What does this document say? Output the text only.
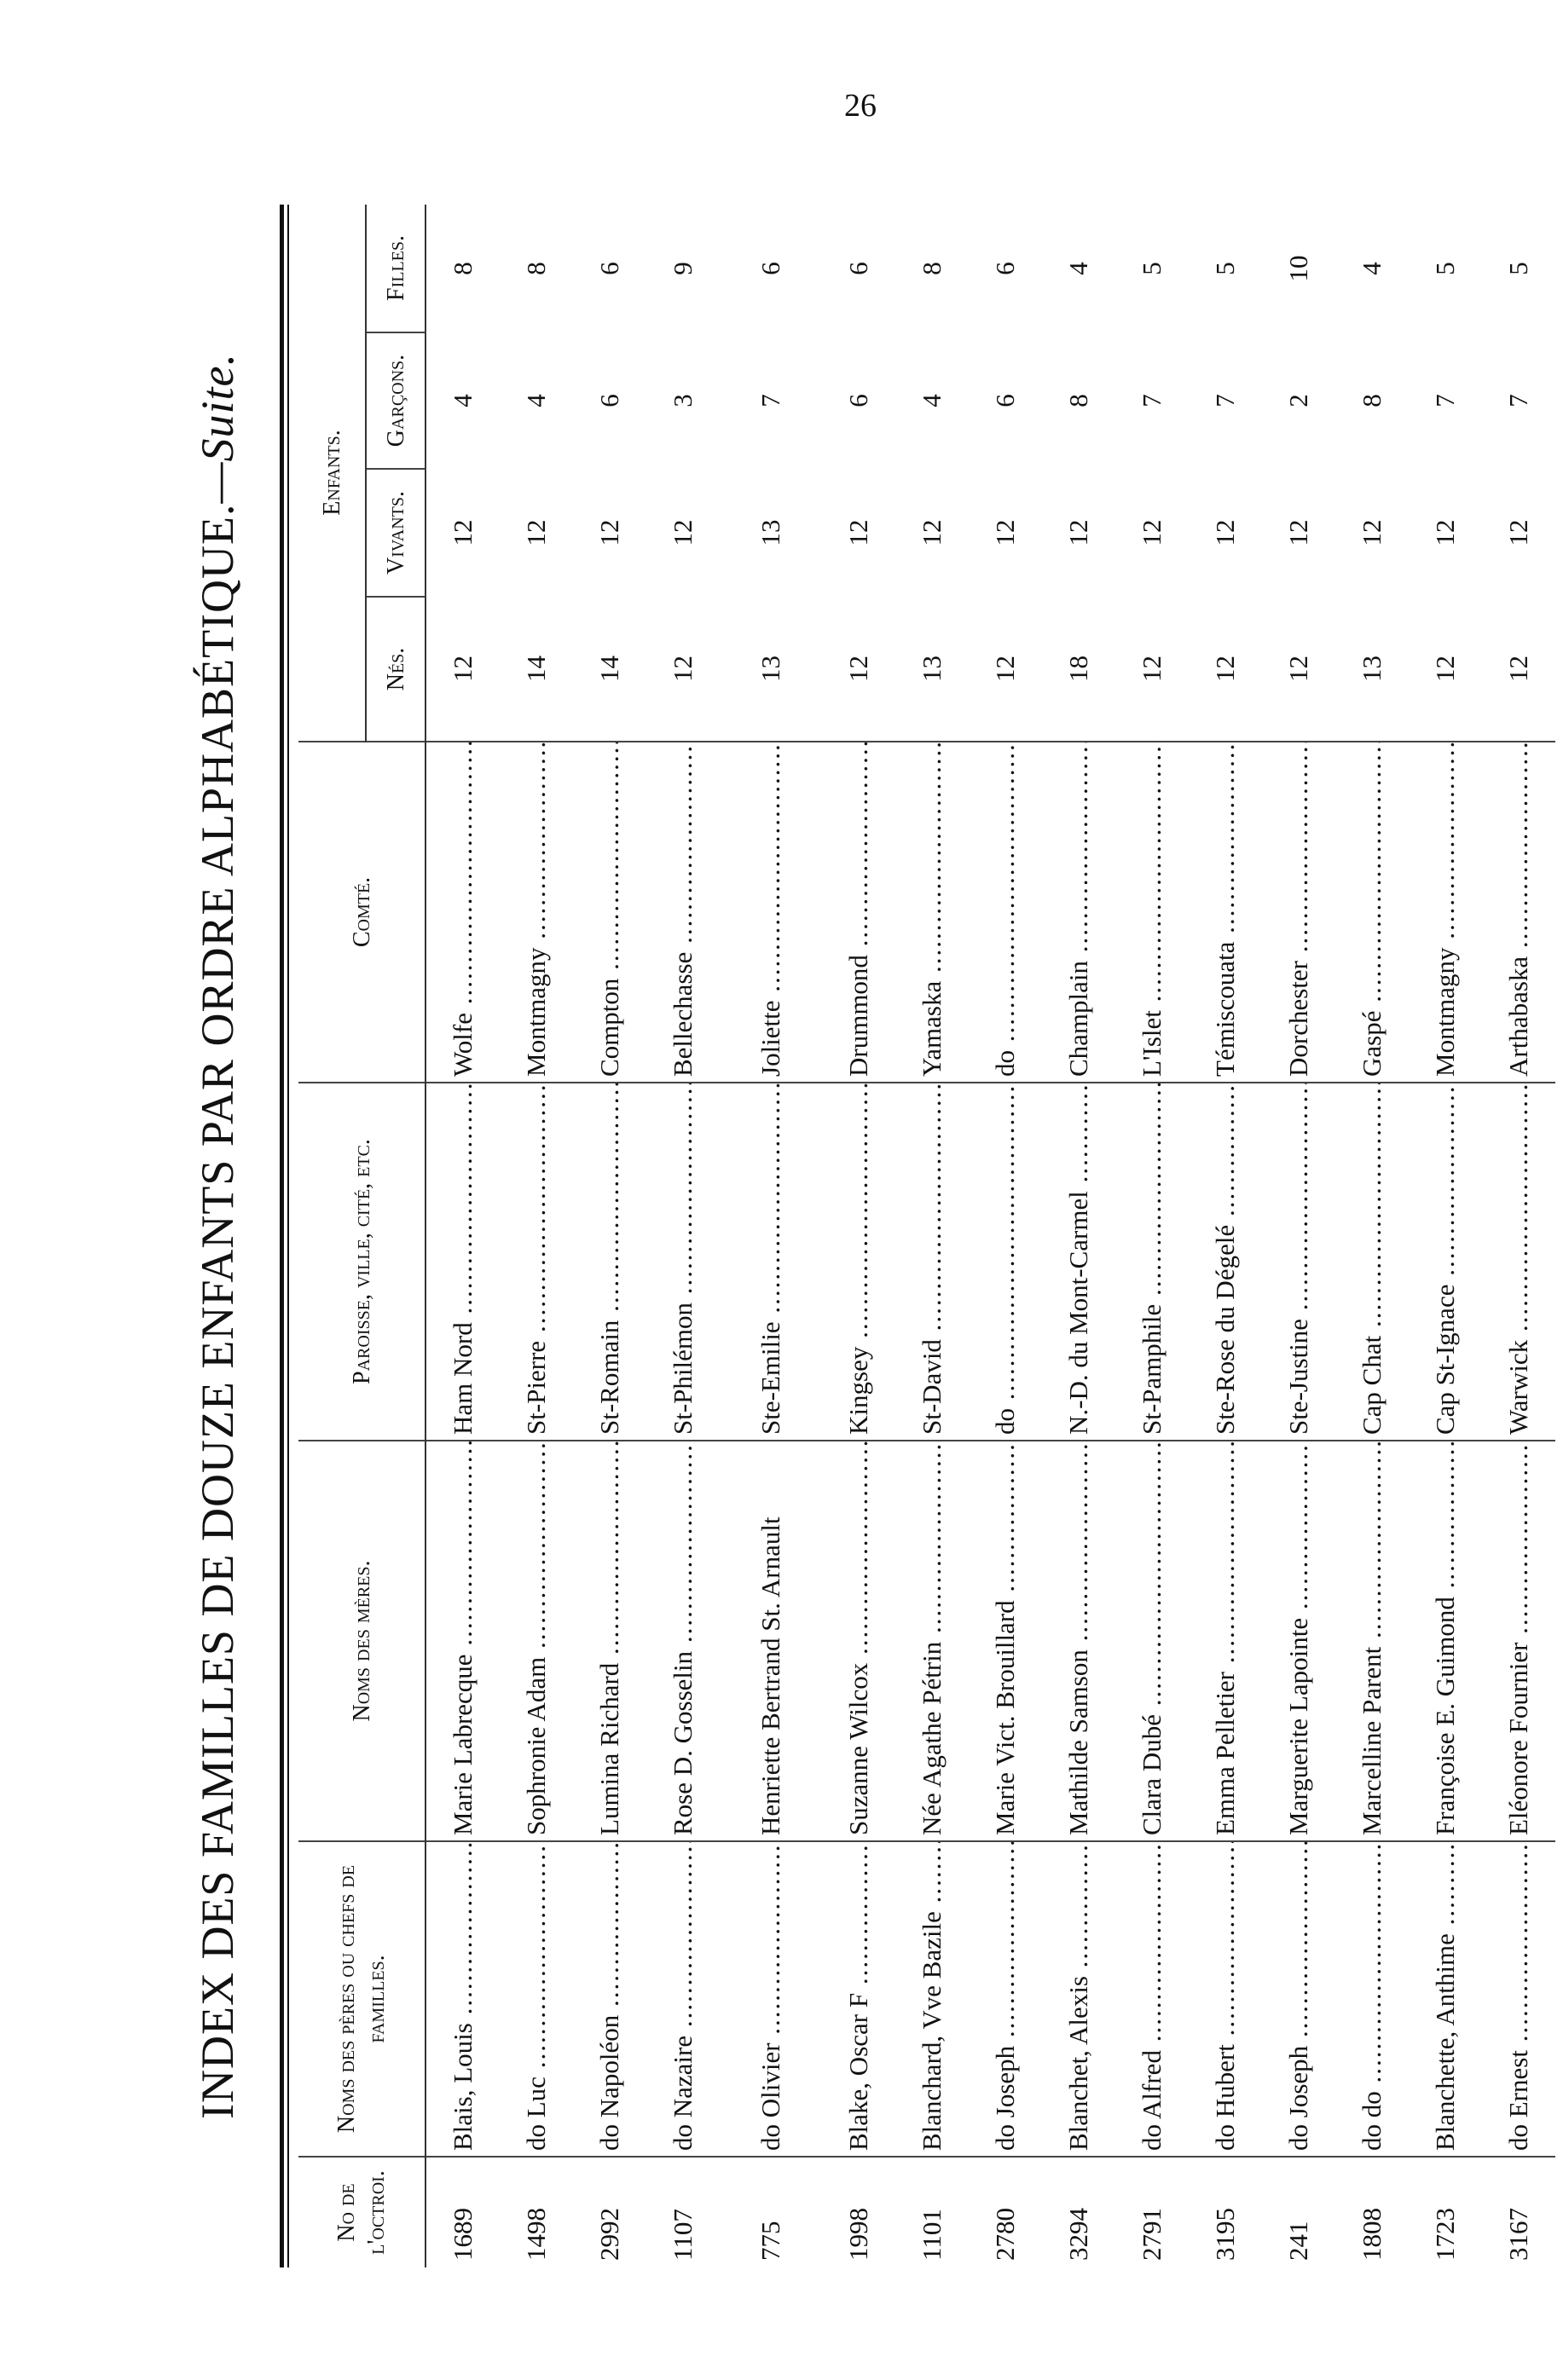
26
INDEX DES FAMILLES DE DOUZE ENFANTS PAR ORDRE ALPHABÉTIQUE.
—Suite.
No de l'octroi.	Noms des pères ou chefs de familles.	Noms des mères.	Paroisse, ville, cité, etc.	Comté.	Enfants.			
					Nés.	Vivants.	Garçons.	Filles.
1689	Blais, Louis .....	Marie Labrecque .....	Ham Nord .....	Wolfe .....	12	12	4	8
1498	do Luc .....	Sophronie Adam .....	St-Pierre .....	Montmagny .....	14	12	4	8
2992	do Napoléon .....	Lumina Richard .....	St-Romain .....	Compton .....	14	12	6	6
1107	do Nazaire .....	Rose D. Gosselin .....	St-Philémon .....	Bellechasse .....	12	12	3	9
775	do Olivier .....	Henriette Bertrand St. Arnault	Ste-Emilie .....	Joliette .....	13	13	7	6
1998	Blake, Oscar F .....	Suzanne Wilcox .....	Kingsey .....	Drummond .....	12	12	6	6
1101	Blanchard, Vve Bazile .....	Née Agathe Pétrin .....	St-David .....	Yamaska .....	13	12	4	8
2780	do Joseph .....	Marie Vict. Brouillard .....	do .....	do .....	12	12	6	6
3294	Blanchet, Alexis .....	Mathilde Samson .....	N.-D. du Mont-Carmel .....	Champlain .....	18	12	8	4
2791	do Alfred .....	Clara Dubé .....	St-Pamphile .....	L'Islet .....	12	12	7	5
3195	do Hubert .....	Emma Pelletier .....	Ste-Rose du Dégelé .....	Témiscouata .....	12	12	7	5
241	do Joseph .....	Marguerite Lapointe .....	Ste-Justine .....	Dorchester .....	12	12	2	10
1808	do do .....	Marcelline Parent .....	Cap Chat .....	Gaspé .....	13	12	8	4
1723	Blanchette, Anthime .....	Françoise E. Guimond .....	Cap St-Ignace .....	Montmagny .....	12	12	7	5
3167	do Ernest .....	Eléonore Fournier .....	Warwick .....	Arthabaska .....	12	12	7	5
